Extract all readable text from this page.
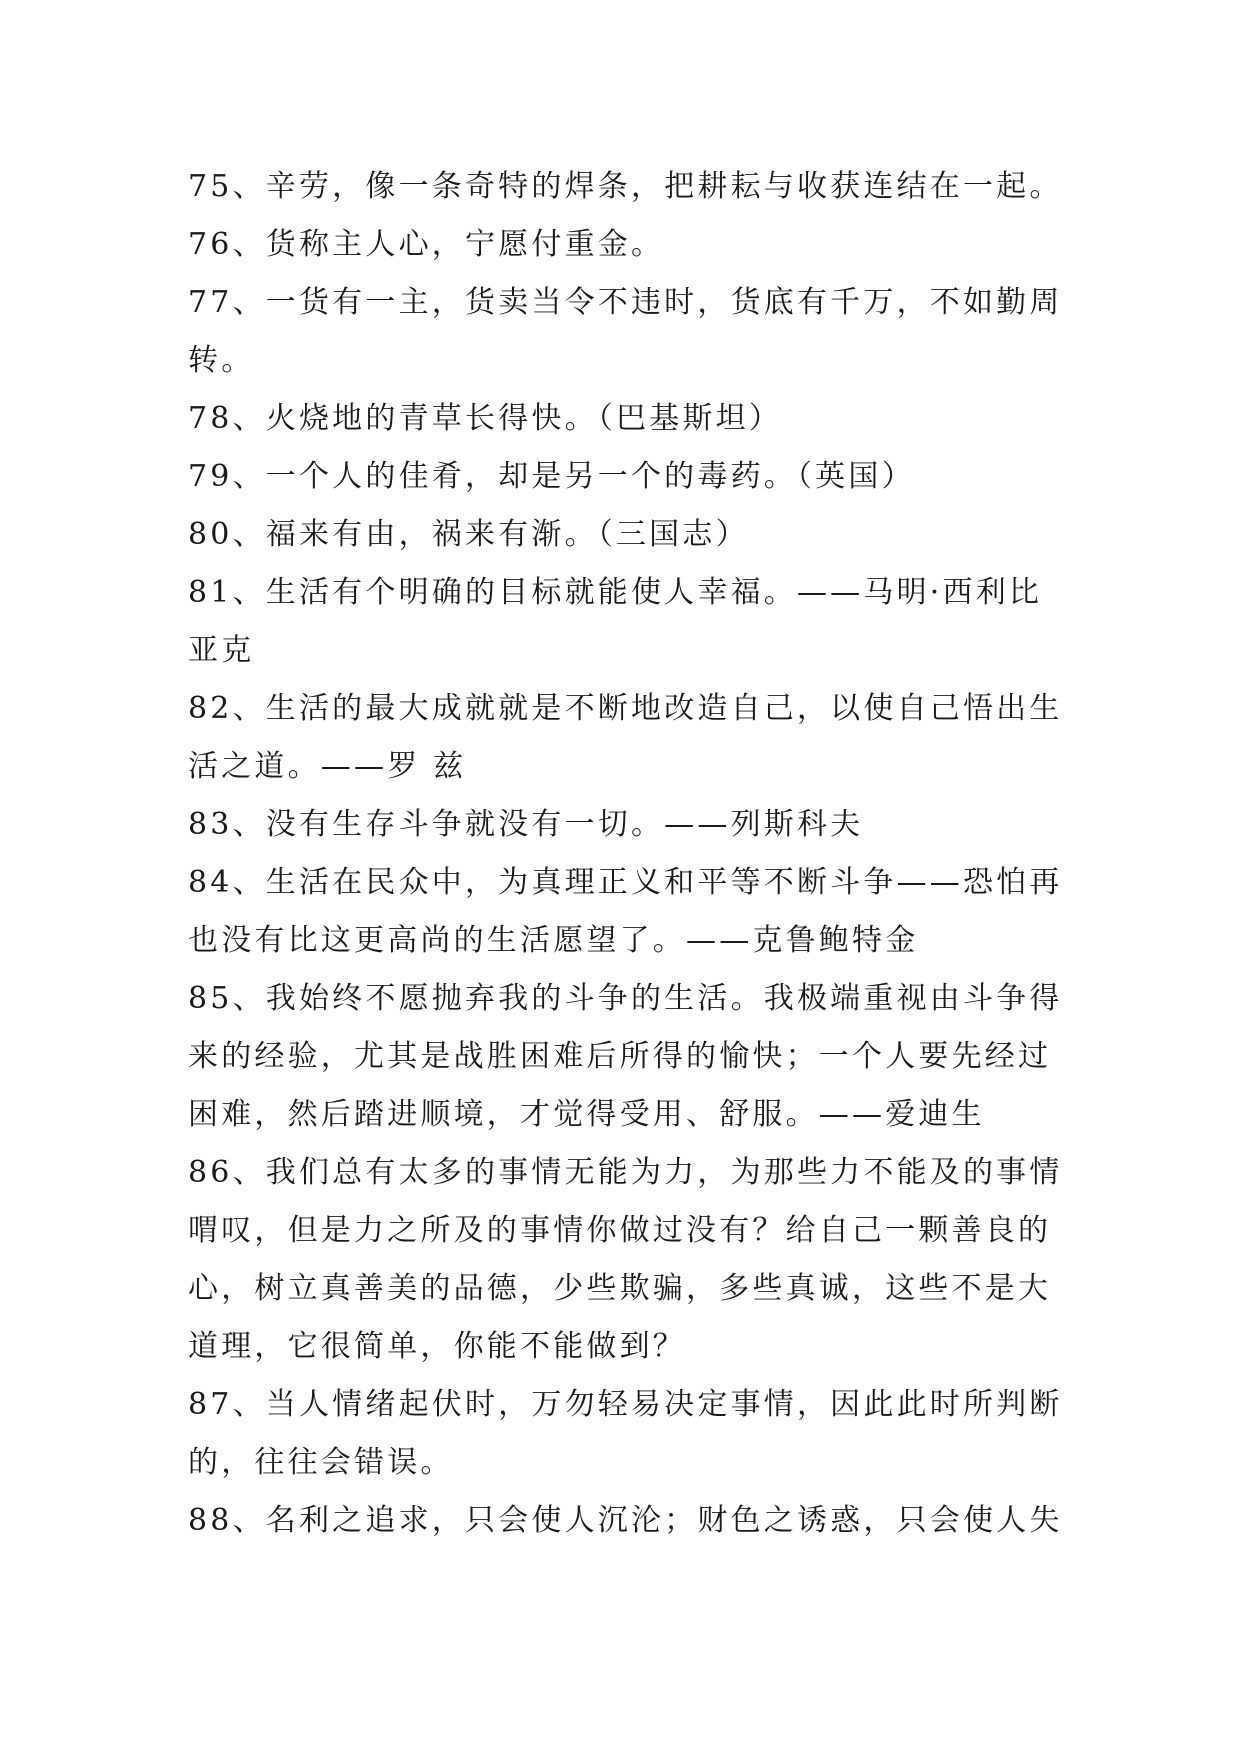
75、辛劳，像一条奇特的焊条，把耕耘与收获连结在一起。
76、货称主人心，宁愿付重金。
77、一货有一主，货卖当令不违时，货底有千万，不如勤周
转。
78、火烧地的青草长得快。（巴基斯坦）
79、一个人的佳肴，却是另一个的毒药。（英国）
80、福来有由，祸来有渐。（三国志）
81、生活有个明确的目标就能使人幸福。——马明·西利比
亚克
82、生活的最大成就就是不断地改造自己，以使自己悟出生
活之道。——罗 兹
83、没有生存斗争就没有一切。——列斯科夫
84、生活在民众中，为真理正义和平等不断斗争——恐怕再
也没有比这更高尚的生活愿望了。——克鲁鲍特金
85、我始终不愿抛弃我的斗争的生活。我极端重视由斗争得
来的经验，尤其是战胜困难后所得的愉快；一个人要先经过
困难，然后踏进顺境，才觉得受用、舒服。——爱迪生
86、我们总有太多的事情无能为力，为那些力不能及的事情
喟叹，但是力之所及的事情你做过没有？给自己一颗善良的
心，树立真善美的品德，少些欺骗，多些真诚，这些不是大
道理，它很简单，你能不能做到？
87、当人情绪起伏时，万勿轻易决定事情，因此此时所判断
的，往往会错误。
88、名利之追求，只会使人沉沦；财色之诱惑，只会使人失
